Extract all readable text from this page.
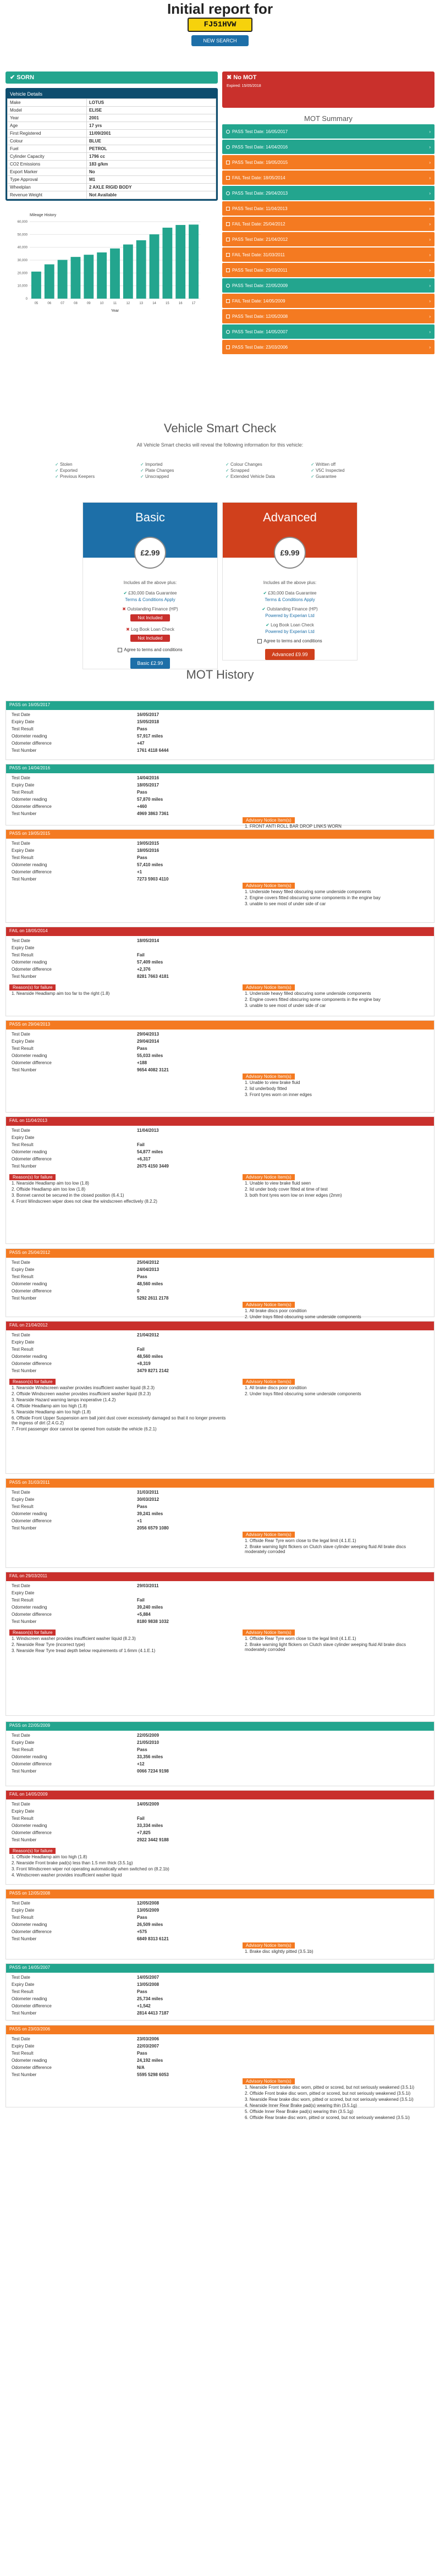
Initial report for
FJ51HVW
NEW SEARCH
✔ SORN
Vehicle Details
Make	LOTUS
Model	ELISE
Year	2001
Age	17 yrs
First Registered	11/09/2001
Colour	BLUE
Fuel	PETROL
Cylinder Capacity	1796 cc
CO2 Emissions	183 g/km
Export Marker	No
Type Approval	M1
Wheelplan	2 AXLE RIGID BODY
Revenue Weight	Not Available
Mileage History
0
10,000
20,000
30,000
40,000
50,000
60,000
05	06	07	08	09	10	11	12	13	14	15	16	17
Year
✖ No MOT
Expired: 15/05/2018
MOT Summary
PASS Test Date: 16/05/2017	›
PASS Test Date: 14/04/2016	›
PASS Test Date: 19/05/2015	›
FAIL Test Date: 18/05/2014	›
PASS Test Date: 29/04/2013	›
PASS Test Date: 11/04/2013	›
FAIL Test Date: 25/04/2012	›
PASS Test Date: 21/04/2012	›
FAIL Test Date: 31/03/2011	›
PASS Test Date: 29/03/2011	›
PASS Test Date: 22/05/2009	›
FAIL Test Date: 14/05/2009	›
PASS Test Date: 12/05/2008	›
PASS Test Date: 14/05/2007	›
PASS Test Date: 23/03/2006	›
Vehicle Smart Check
All Vehicle Smart checks will reveal the following information for this vehicle:
✓ Stolen	✓ Imported	✓ Colour Changes	✓ Written off
✓ Exported	✓ Plate Changes	✓ Scrapped	✓ V5C Inspected
✓ Previous Keepers	✓ Unscrapped	✓ Extended Vehicle Data	✓ Guarantee
Basic
£2.99
Includes all the above plus:
✔ £30,000 Data Guarantee
Terms & Conditions Apply
✖ Outstanding Finance (HP)
Not Included
✖ Log Book Loan Check
Not Included
Agree to terms and conditions
Basic £2.99
Advanced
£9.99
Includes all the above plus:
✔ £30,000 Data Guarantee
Terms & Conditions Apply
✔ Outstanding Finance (HP)
Powered by Experian Ltd
✔ Log Book Loan Check
Powered by Experian Ltd
Agree to terms and conditions
Advanced £9.99
MOT History
PASS on 16/05/2017
Test Date	16/05/2017
Expiry Date	15/05/2018
Test Result	Pass
Odometer reading	57,917 miles
Odometer difference	+47
Test Number	1761 4118 6444
PASS on 14/04/2016
Test Date	14/04/2016
Expiry Date	18/05/2017
Test Result	Pass
Odometer reading	57,870 miles
Odometer difference	+460
Test Number	4969 3863 7361
Advisory Notice Item(s)
1. FRONT ANTI ROLL BAR DROP LINKS WORN
PASS on 19/05/2015
Test Date	19/05/2015
Expiry Date	18/05/2016
Test Result	Pass
Odometer reading	57,410 miles
Odometer difference	+1
Test Number	7273 5903 4110
Advisory Notice Item(s)
1. Underside heavy filled obscuring some underside components
2. Engine covers fitted obscuring some components in the engine bay
3. unable to see most of under side of car
FAIL on 18/05/2014
Test Date	18/05/2014
Expiry Date	
Test Result	Fail
Odometer reading	57,409 miles
Odometer difference	+2,376
Test Number	8281 7663 4181
Reason(s) for failure
1. Nearside Headlamp aim too far to the right (1.8)
Advisory Notice Item(s)
1. Underside heavy filled obscuring some underside components
2. Engine covers fitted obscuring some components in the engine bay
3. unable to see most of under side of car
PASS on 29/04/2013
Test Date	29/04/2013
Expiry Date	29/04/2014
Test Result	Pass
Odometer reading	55,033 miles
Odometer difference	+188
Test Number	9654 4082 3121
Advisory Notice Item(s)
1. Unable to view brake fluid
2. lid underbody fitted
3. Front tyres worn on inner edges
FAIL on 11/04/2013
Test Date	11/04/2013
Expiry Date	
Test Result	Fail
Odometer reading	54,877 miles
Odometer difference	+6,317
Test Number	2675 4150 3449
Reason(s) for failure
1. Nearside Headlamp aim too low (1.8)
2. Offside Headlamp aim too low (1.8)
3. Bonnet cannot be secured in the closed position (6.4.1)
4. Front Windscreen wiper does not clear the windscreen effectively (8.2.2)
Advisory Notice Item(s)
1. Unable to view brake fluid seen
2. lid under body cover fitted at time of test
3. both front tyres worn low on inner edges (2mm)
PASS on 25/04/2012
Test Date	25/04/2012
Expiry Date	24/04/2013
Test Result	Pass
Odometer reading	48,560 miles
Odometer difference	0
Test Number	5292 2611 2178
Advisory Notice Item(s)
1. All brake discs poor condition
2. Under trays fitted obscuring some underside components
FAIL on 21/04/2012
Test Date	21/04/2012
Expiry Date	
Test Result	Fail
Odometer reading	48,560 miles
Odometer difference	+8,319
Test Number	3479 8271 2142
Reason(s) for failure
1. Nearside Windscreen washer provides insufficient washer liquid (8.2.3)
2. Offside Windscreen washer provides insufficient washer liquid (8.2.3)
3. Nearside Hazard warning lamps inoperative (1.4.2)
4. Offside Headlamp aim too high (1.8)
5. Nearside Headlamp aim too high (1.8)
6. Offside Front Upper Suspension arm ball joint dust cover excessively damaged so that it no longer prevents the ingress of dirt (2.4.G.2)
7. Front passenger door cannot be opened from outside the vehicle (6.2.1)
Advisory Notice Item(s)
1. All brake discs poor condition
2. Under trays fitted obscuring some underside components
PASS on 31/03/2011
Test Date	31/03/2011
Expiry Date	30/03/2012
Test Result	Pass
Odometer reading	39,241 miles
Odometer difference	+1
Test Number	2056 6579 1080
Advisory Notice Item(s)
1. Offside Rear Tyre worn close to the legal limit (4.1.E.1)
2. Brake warning light flickers on Clutch slave cylinder weeping fluid All brake discs moderately corroded
FAIL on 29/03/2011
Test Date	29/03/2011
Expiry Date	
Test Result	Fail
Odometer reading	39,240 miles
Odometer difference	+5,884
Test Number	8180 9838 1032
Reason(s) for failure
1. Windscreen washer provides insufficient washer liquid (8.2.3)
2. Nearside Rear Tyre (incorrect type)
3. Nearside Rear Tyre tread depth below requirements of 1.6mm (4.1.E.1)
Advisory Notice Item(s)
1. Offside Rear Tyre worn close to the legal limit (4.1.E.1)
2. Brake warning light flickers on Clutch slave cylinder weeping fluid All brake discs moderately corroded
PASS on 22/05/2009
Test Date	22/05/2009
Expiry Date	21/05/2010
Test Result	Pass
Odometer reading	33,356 miles
Odometer difference	+12
Test Number	0066 7234 9198
FAIL on 14/05/2009
Test Date	14/05/2009
Expiry Date	
Test Result	Fail
Odometer reading	33,334 miles
Odometer difference	+7,825
Test Number	2922 3442 9188
Reason(s) for failure
1. Offside Headlamp aim too high (1.8)
2. Nearside Front brake pad(s) less than 1.5 mm thick (3.5.1g)
3. Front Windscreen wiper not operating automatically when switched on (8.2.1b)
4. Windscreen washer provides insufficient washer liquid
PASS on 12/05/2008
Test Date	12/05/2008
Expiry Date	13/05/2009
Test Result	Pass
Odometer reading	26,509 miles
Odometer difference	+575
Test Number	6849 8313 6121
Advisory Notice Item(s)
1. Brake disc slightly pitted (3.5.1b)
PASS on 14/05/2007
Test Date	14/05/2007
Expiry Date	13/05/2008
Test Result	Pass
Odometer reading	25,734 miles
Odometer difference	+1,542
Test Number	2814 4413 7187
PASS on 23/03/2006
Test Date	23/03/2006
Expiry Date	22/03/2007
Test Result	Pass
Odometer reading	24,192 miles
Odometer difference	N/A
Test Number	5595 5298 6053
Advisory Notice Item(s)
1. Nearside Front brake disc worn, pitted or scored, but not seriously weakened (3.5.1i)
2. Offside Front brake disc worn, pitted or scored, but not seriously weakened (3.5.1i)
3. Nearside Rear brake disc worn, pitted or scored, but not seriously weakened (3.5.1i)
4. Nearside Inner Rear Brake pad(s) wearing thin (3.5.1g)
5. Offside Inner Rear Brake pad(s) wearing thin (3.5.1g)
6. Offside Rear brake disc worn, pitted or scored, but not seriously weakened (3.5.1i)
